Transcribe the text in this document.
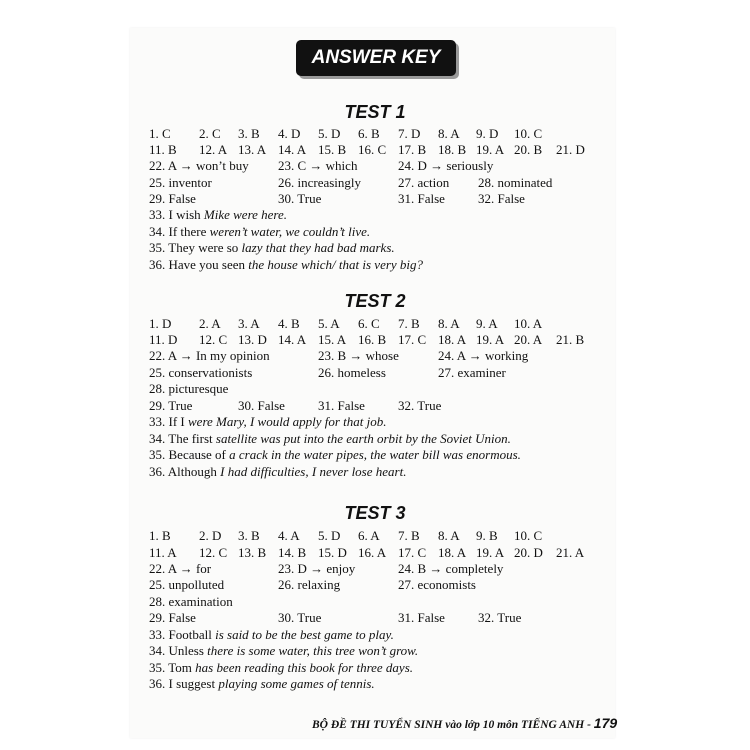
ANSWER KEY
TEST 1
1. C 2. C 3. B 4. D 5. D 6. B 7. D 8. A 9. D 10. C
11. B 12. A 13. A 14. A 15. B 16. C 17. B 18. B 19. A 20. B 21. D
22. A → won’t buy 23. C → which	24. D → seriously
25. inventor	26. increasingly	27. action 28. nominated
29. False	30. True	31. False	32. False
33. I wish Mike were here.
34. If there weren’t water, we couldn’t live.
35. They were so lazy that they had bad marks.
36. Have you seen the house which/ that is very big?
TEST 2
1. D 2. A 3. A 4. B 5. A 6. C 7. B 8. A 9. A 10. A
11. D 12. C 13. D 14. A 15. A 16. B 17. C 18. A 19. A 20. A 21. B
22. A → In my opinion	23. B → whose	24. A → working
25. conservationists	26. homeless	27. examiner
28. picturesque
29. True	30. False	31. False	32. True
33. If I were Mary, I would apply for that job.
34. The first satellite was put into the earth orbit by the Soviet Union.
35. Because of a crack in the water pipes, the water bill was enormous.
36. Although I had difficulties, I never lose heart.
TEST 3
1. B 2. D 3. B 4. A 5. D 6. A 7. B 8. A 9. B 10. C
11. A 12. C 13. B 14. B 15. D 16. A 17. C 18. A 19. A 20. D 21. A
22. A → for	23. D → enjoy	24. B → completely
25. unpolluted	26. relaxing	27. economists
28. examination
29. False	30. True	31. False	32. True
33. Football is said to be the best game to play.
34. Unless there is some water, this tree won’t grow.
35. Tom has been reading this book for three days.
36. I suggest playing some games of tennis.
BỘ ĐỀ THI TUYỂN SINH vào lớp 10 môn TIẾNG ANH - 179
